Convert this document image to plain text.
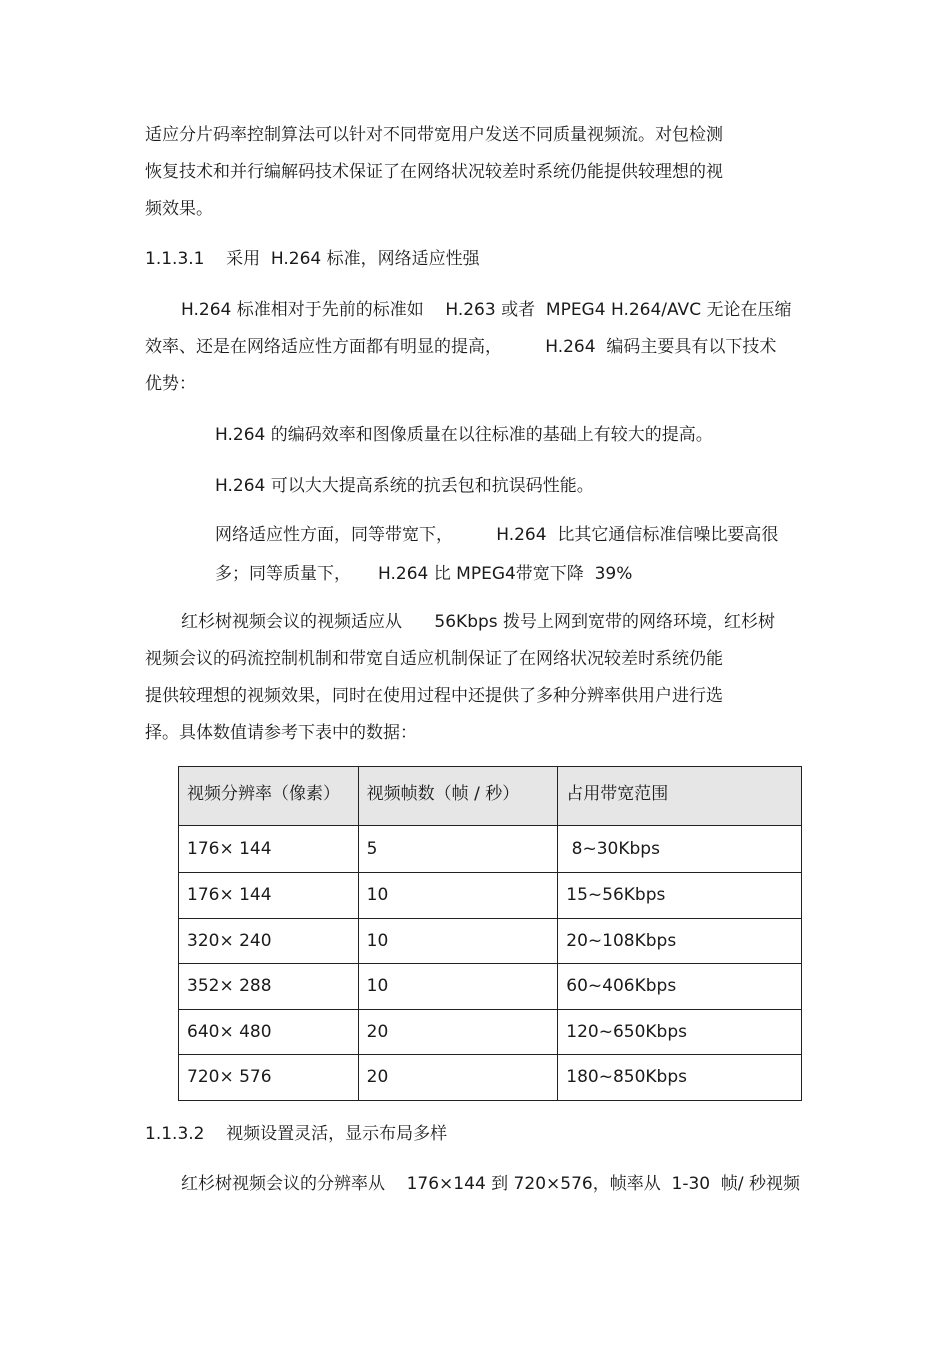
适应分片码率控制算法可以针对不同带宽用户发送不同质量视频流。对包检测
恢复技术和并行编解码技术保证了在网络状况较差时系统仍能提供较理想的视
频效果。
1.1.3.1    采用  H.264 标准，网络适应性强
H.264 标准相对于先前的标准如    H.263 或者  MPEG4 H.264/AVC 无论在压缩
效率、还是在网络适应性方面都有明显的提高，        H.264  编码主要具有以下技术
优势：
H.264 的编码效率和图像质量在以往标准的基础上有较大的提高。
H.264 可以大大提高系统的抗丢包和抗误码性能。
网络适应性方面，同等带宽下，        H.264  比其它通信标准信噪比要高很
多；同等质量下，     H.264 比 MPEG4带宽下降  39%
红杉树视频会议的视频适应从      56Kbps 拨号上网到宽带的网络环境，红杉树
视频会议的码流控制机制和带宽自适应机制保证了在网络状况较差时系统仍能
提供较理想的视频效果，同时在使用过程中还提供了多种分辨率供用户进行选
择。具体数值请参考下表中的数据：
视频分辨率（像素）	视频帧数（帧 / 秒）	占用带宽范围
176× 144	5	8~30Kbps
176× 144	10	15~56Kbps
320× 240	10	20~108Kbps
352× 288	10	60~406Kbps
640× 480	20	120~650Kbps
720× 576	20	180~850Kbps
1.1.3.2    视频设置灵活，显示布局多样
红杉树视频会议的分辨率从    176×144 到 720×576，帧率从  1-30  帧/ 秒视频
